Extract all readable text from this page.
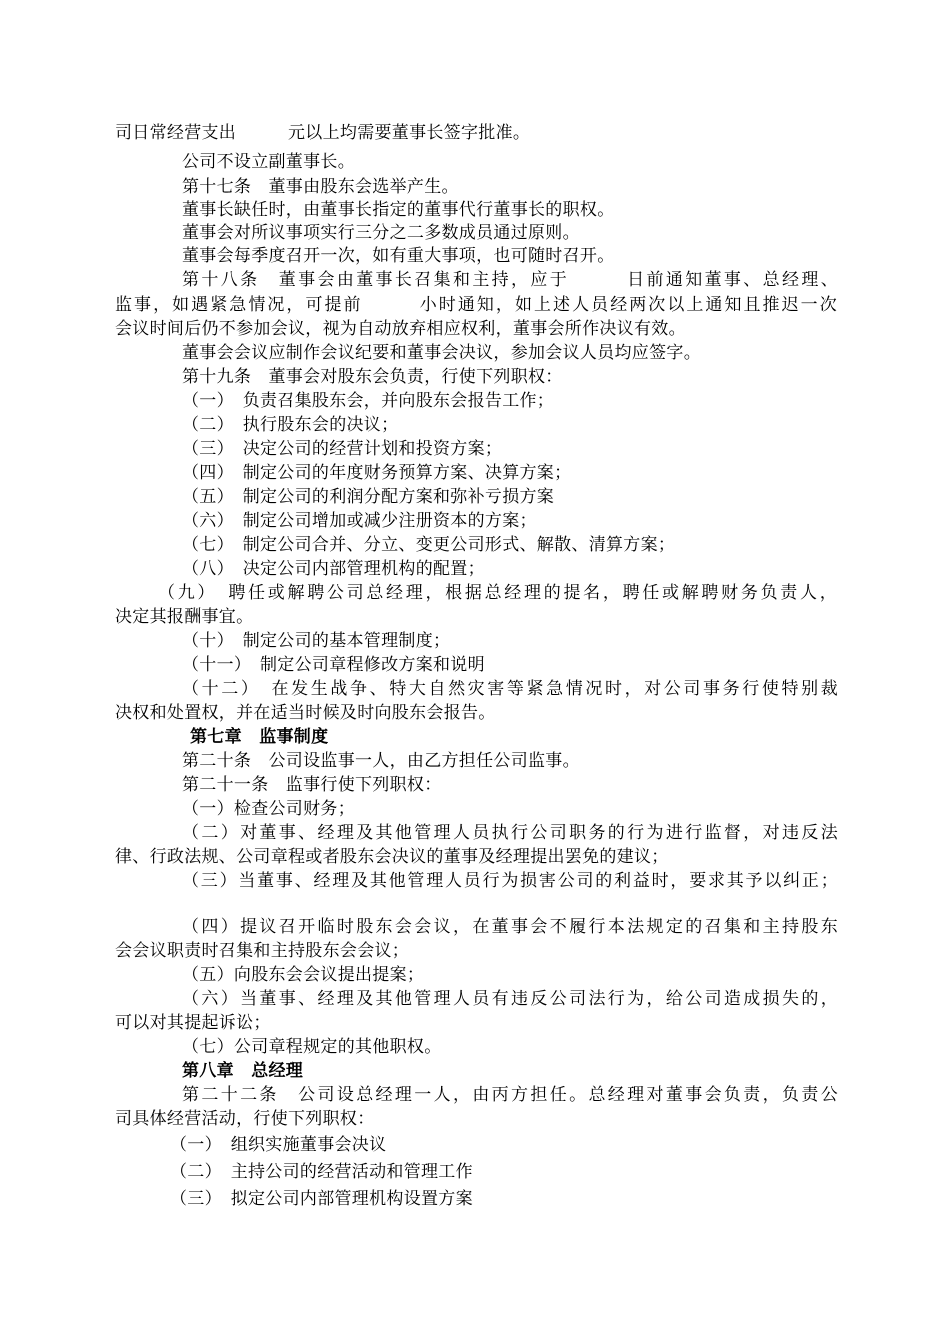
司日常经营支出　　　元以上均需要董事长签字批准。
公司不设立副董事长。
第十七条　董事由股东会选举产生。
董事长缺任时，由董事长指定的董事代行董事长的职权。
董事会对所议事项实行三分之二多数成员通过原则。
董事会每季度召开一次，如有重大事项，也可随时召开。
第十八条　董事会由董事长召集和主持，应于　　　日前通知董事、总经理、
监事，如遇紧急情况，可提前　　　小时通知，如上述人员经两次以上通知且推迟一次
会议时间后仍不参加会议，视为自动放弃相应权利，董事会所作决议有效。
董事会会议应制作会议纪要和董事会决议，参加会议人员均应签字。
第十九条　董事会对股东会负责，行使下列职权：
（一）　负责召集股东会，并向股东会报告工作；
（二）　执行股东会的决议；
（三）　决定公司的经营计划和投资方案；
（四）　制定公司的年度财务预算方案、决算方案；
（五）　制定公司的利润分配方案和弥补亏损方案
（六）　制定公司增加或减少注册资本的方案；
（七）　制定公司合并、分立、变更公司形式、解散、清算方案；
（八）　决定公司内部管理机构的配置；
（九）　聘任或解聘公司总经理，根据总经理的提名，聘任或解聘财务负责人，
决定其报酬事宜。
（十）　制定公司的基本管理制度；
（十一）　制定公司章程修改方案和说明
（十二）　在发生战争、特大自然灾害等紧急情况时，对公司事务行使特别裁
决权和处置权，并在适当时候及时向股东会报告。
第七章　监事制度
第二十条　公司设监事一人，由乙方担任公司监事。
第二十一条　监事行使下列职权：
（一）检查公司财务；
（二）对董事、经理及其他管理人员执行公司职务的行为进行监督，对违反法
律、行政法规、公司章程或者股东会决议的董事及经理提出罢免的建议；
（三）当董事、经理及其他管理人员行为损害公司的利益时，要求其予以纠正；
（四）提议召开临时股东会会议，在董事会不履行本法规定的召集和主持股东
会会议职责时召集和主持股东会会议；
（五）向股东会会议提出提案；
（六）当董事、经理及其他管理人员有违反公司法行为，给公司造成损失的，
可以对其提起诉讼；
（七）公司章程规定的其他职权。
第八章　总经理
第二十二条　公司设总经理一人，由丙方担任。总经理对董事会负责，负责公
司具体经营活动，行使下列职权：
（一）　组织实施董事会决议
（二）　主持公司的经营活动和管理工作
（三）　拟定公司内部管理机构设置方案
